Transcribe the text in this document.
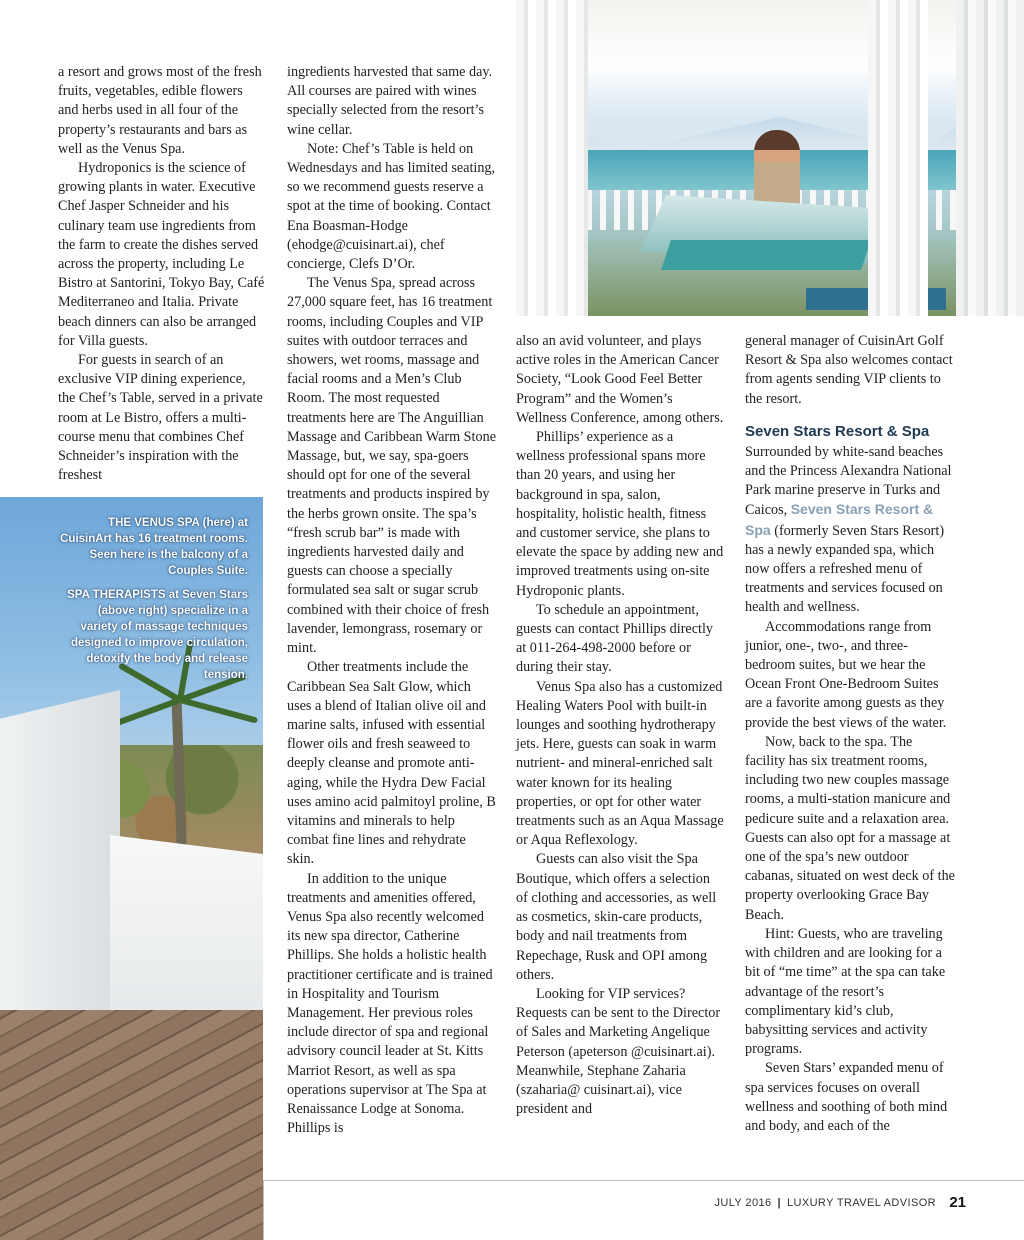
THE VENUS SPA (here) at CuisinArt has 16 treatment rooms. Seen here is the balcony of a Couples Suite.

SPA THERAPISTS at Seven Stars (above right) specialize in a variety of massage techniques designed to improve circulation, detoxify the body and release tension.

a resort and grows most of the fresh fruits, vegetables, edible flowers and herbs used in all four of the property’s restaurants and bars as well as the Venus Spa.

Hydroponics is the science of growing plants in water. Executive Chef Jasper Schneider and his culinary team use ingredients from the farm to create the dishes served across the property, including Le Bistro at Santorini, Tokyo Bay, Café Mediterraneo and Italia. Private beach dinners can also be arranged for Villa guests.

For guests in search of an exclusive VIP dining experience, the Chef’s Table, served in a private room at Le Bistro, offers a multi-course menu that combines Chef Schneider’s inspiration with the freshest

ingredients harvested that same day. All courses are paired with wines specially selected from the resort’s wine cellar.

Note: Chef’s Table is held on Wednesdays and has limited seating, so we recommend guests reserve a spot at the time of booking. Contact Ena Boasman-Hodge (ehodge@cuisinart.ai), chef concierge, Clefs D’Or.

The Venus Spa, spread across 27,000 square feet, has 16 treatment rooms, including Couples and VIP suites with outdoor terraces and showers, wet rooms, massage and facial rooms and a Men’s Club Room. The most requested treatments here are The Anguillian Massage and Caribbean Warm Stone Massage, but, we say, spa-goers should opt for one of the several treatments and products inspired by the herbs grown onsite. The spa’s “fresh scrub bar” is made with ingredients harvested daily and guests can choose a specially formulated sea salt or sugar scrub combined with their choice of fresh lavender, lemongrass, rosemary or mint.

Other treatments include the Caribbean Sea Salt Glow, which uses a blend of Italian olive oil and marine salts, infused with essential flower oils and fresh seaweed to deeply cleanse and promote anti-aging, while the Hydra Dew Facial uses amino acid palmitoyl proline, B vitamins and minerals to help combat fine lines and rehydrate skin.

In addition to the unique treatments and amenities offered, Venus Spa also recently welcomed its new spa director, Catherine Phillips. She holds a holistic health practitioner certificate and is trained in Hospitality and Tourism Management. Her previous roles include director of spa and regional advisory council leader at St. Kitts Marriot Resort, as well as spa operations supervisor at The Spa at Renaissance Lodge at Sonoma. Phillips is

also an avid volunteer, and plays active roles in the American Cancer Society, “Look Good Feel Better Program” and the Women’s Wellness Conference, among others.

Phillips’ experience as a wellness professional spans more than 20 years, and using her background in spa, salon, hospitality, holistic health, fitness and customer service, she plans to elevate the space by adding new and improved treatments using on-site Hydroponic plants.

To schedule an appointment, guests can contact Phillips directly at 011-264-498-2000 before or during their stay.

Venus Spa also has a customized Healing Waters Pool with built-in lounges and soothing hydrotherapy jets. Here, guests can soak in warm nutrient- and mineral-enriched salt water known for its healing properties, or opt for other water treatments such as an Aqua Massage or Aqua Reflexology.

Guests can also visit the Spa Boutique, which offers a selection of clothing and accessories, as well as cosmetics, skin-care products, body and nail treatments from Repechage, Rusk and OPI among others.

Looking for VIP services? Requests can be sent to the Director of Sales and Marketing Angelique Peterson (apeterson @cuisinart.ai). Meanwhile, Stephane Zaharia (szaharia@ cuisinart.ai), vice president and

general manager of CuisinArt Golf Resort & Spa also welcomes contact from agents sending VIP clients to the resort.

Seven Stars Resort & Spa

Surrounded by white-sand beaches and the Princess Alexandra National Park marine preserve in Turks and Caicos, Seven Stars Resort & Spa (formerly Seven Stars Resort) has a newly expanded spa, which now offers a refreshed menu of treatments and services focused on health and wellness.

Accommodations range from junior, one-, two-, and three-bedroom suites, but we hear the Ocean Front One-Bedroom Suites are a favorite among guests as they provide the best views of the water.

Now, back to the spa. The facility has six treatment rooms, including two new couples massage rooms, a multi-station manicure and pedicure suite and a relaxation area. Guests can also opt for a massage at one of the spa’s new outdoor cabanas, situated on west deck of the property overlooking Grace Bay Beach.

Hint: Guests, who are traveling with children and are looking for a bit of “me time” at the spa can take advantage of the resort’s complimentary kid’s club, babysitting services and activity programs.

Seven Stars’ expanded menu of spa services focuses on overall wellness and soothing of both mind and body, and each of the

JULY 2016 | LUXURY TRAVEL ADVISOR 21
